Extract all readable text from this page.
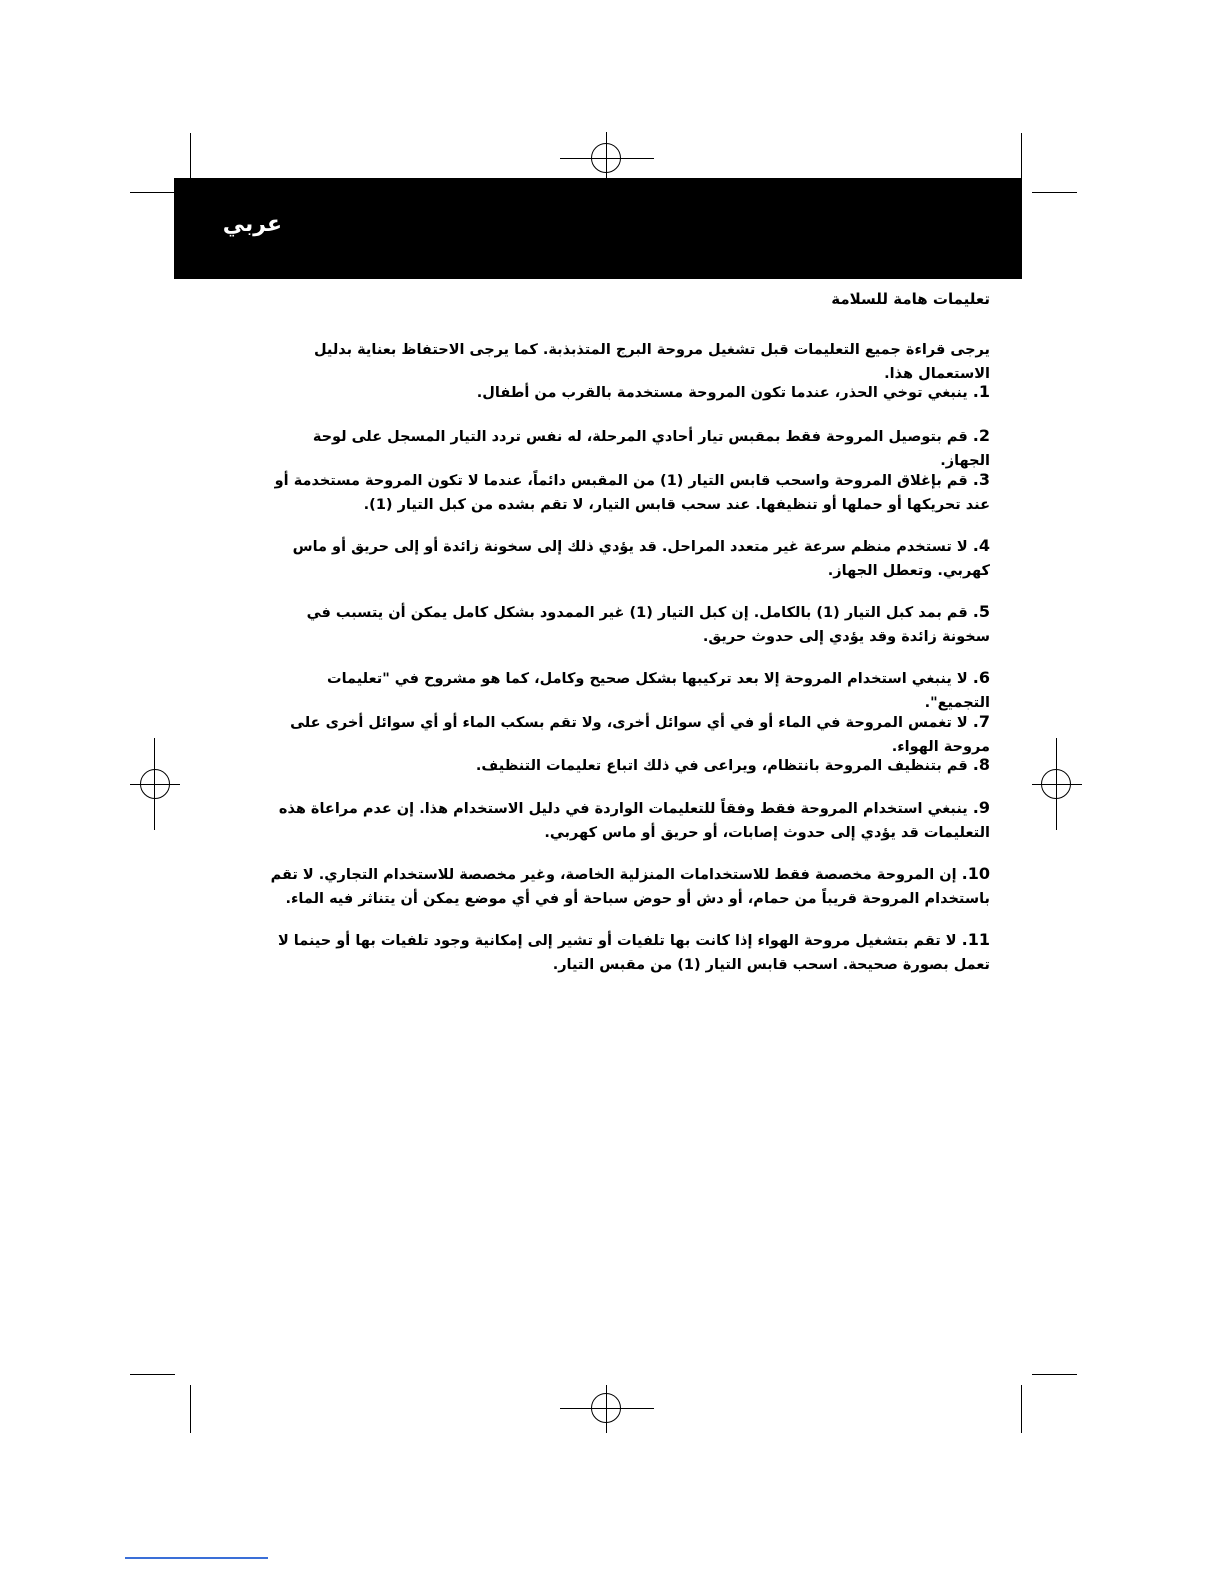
عربي
تعليمات هامة للسلامة
يرجى قراءة جميع التعليمات قبل تشغيل مروحة البرج المتذبذبة. كما يرجى الاحتفاظ بعناية بدليل الاستعمال هذا.
1. ينبغي توخي الحذر، عندما تكون المروحة مستخدمة بالقرب من أطفال.
2. قم بتوصيل المروحة فقط بمقبس تيار أحادي المرحلة، له نفس تردد التيار المسجل على لوحة الجهاز.
3. قم بإغلاق المروحة واسحب قابس التيار (1) من المقبس دائماً، عندما لا تكون المروحة مستخدمة أو عند تحريكها أو حملها أو تنظيفها. عند سحب قابس التيار، لا تقم بشده من كبل التيار (1).
4. لا تستخدم منظم سرعة غير متعدد المراحل. قد يؤدي ذلك إلى سخونة زائدة أو إلى حريق أو ماس كهربي. وتعطل الجهاز.
5. قم بمد كبل التيار (1) بالكامل. إن كبل التيار (1) غير الممدود بشكل كامل يمكن أن يتسبب في سخونة زائدة وقد يؤدي إلى حدوث حريق.
6. لا ينبغي استخدام المروحة إلا بعد تركيبها بشكل صحيح وكامل، كما هو مشروح في "تعليمات التجميع".
7. لا تغمس المروحة في الماء أو في أي سوائل أخرى، ولا تقم بسكب الماء أو أي سوائل أخرى على مروحة الهواء.
8. قم بتنظيف المروحة بانتظام، ويراعى في ذلك اتباع تعليمات التنظيف.
9. ينبغي استخدام المروحة فقط وفقاً للتعليمات الواردة في دليل الاستخدام هذا. إن عدم مراعاة هذه التعليمات قد يؤدي إلى حدوث إصابات، أو حريق أو ماس كهربي.
10. إن المروحة مخصصة فقط للاستخدامات المنزلية الخاصة، وغير مخصصة للاستخدام التجاري. لا تقم باستخدام المروحة قريباً من حمام، أو دش أو حوض سباحة أو في أي موضع يمكن أن يتناثر فيه الماء.
11. لا تقم بتشغيل مروحة الهواء إذا كانت بها تلفيات أو تشير إلى إمكانية وجود تلفيات بها أو حينما لا تعمل بصورة صحيحة. اسحب قابس التيار (1) من مقبس التيار.
